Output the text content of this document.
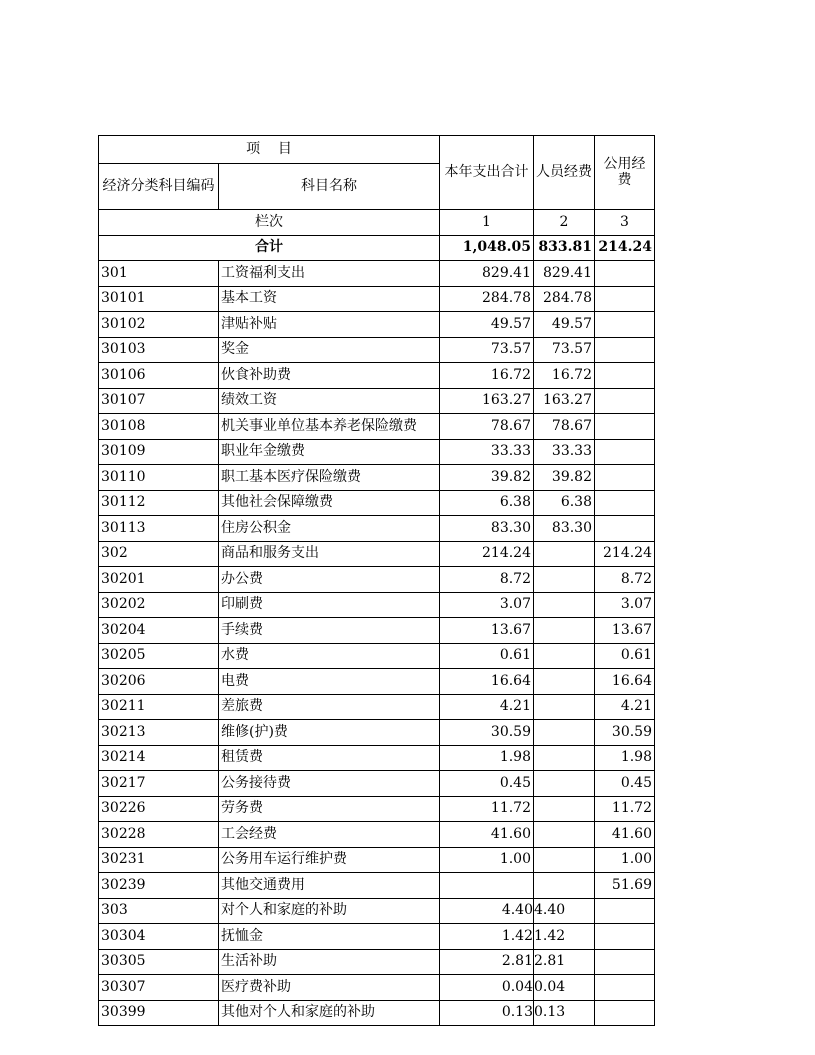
项    目		本年支出合计	人员经费	公用经费
经济分类科目编码	科目名称			
栏次		1	2	3
合计		1,048.05	833.81	214.24
301	工资福利支出	829.41	829.41	
30101	基本工资	284.78	284.78	
30102	津贴补贴	49.57	49.57	
30103	奖金	73.57	73.57	
30106	伙食补助费	16.72	16.72	
30107	绩效工资	163.27	163.27	
30108	机关事业单位基本养老保险缴费	78.67	78.67	
30109	职业年金缴费	33.33	33.33	
30110	职工基本医疗保险缴费	39.82	39.82	
30112	其他社会保障缴费	6.38	6.38	
30113	住房公积金	83.30	83.30	
302	商品和服务支出	214.24		214.24
30201	办公费	8.72		8.72
30202	印刷费	3.07		3.07
30204	手续费	13.67		13.67
30205	水费	0.61		0.61
30206	电费	16.64		16.64
30211	差旅费	4.21		4.21
30213	维修(护)费	30.59		30.59
30214	租赁费	1.98		1.98
30217	公务接待费	0.45		0.45
30226	劳务费	11.72		11.72
30228	工会经费	41.60		41.60
30231	公务用车运行维护费	1.00		1.00
30239	其他交通费用			51.69
303	对个人和家庭的补助	4.40	4.40	
30304	抚恤金	1.42	1.42	
30305	生活补助	2.81	2.81	
30307	医疗费补助	0.04	0.04	
30399	其他对个人和家庭的补助	0.13	0.13	
